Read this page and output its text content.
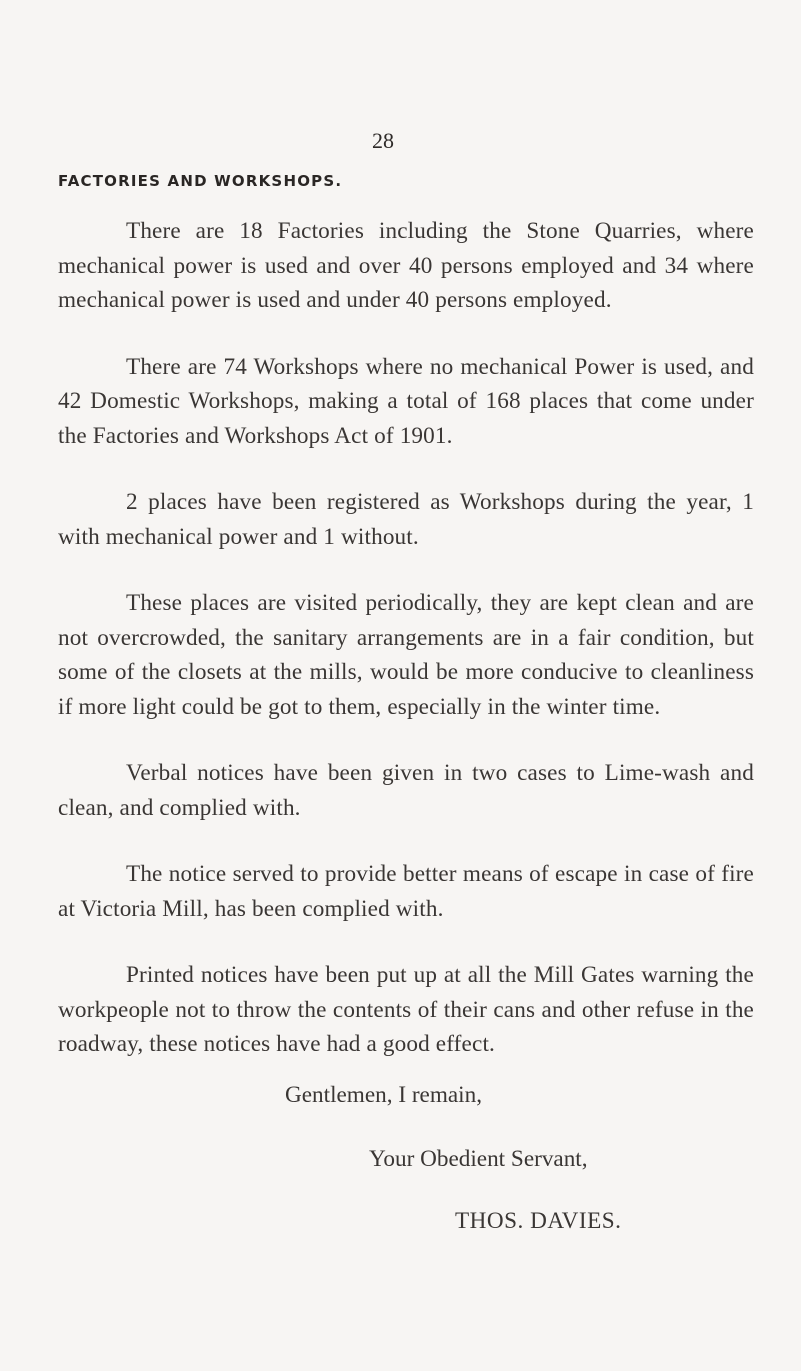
28
FACTORIES AND WORKSHOPS.

There are 18 Factories including the Stone Quarries, where mechanical power is used and over 40 persons employed and 34 where mechanical power is used and under 40 persons employed.

There are 74 Workshops where no mechanical Power is used, and 42 Domestic Workshops, making a total of 168 places that come under the Factories and Workshops Act of 1901.

2 places have been registered as Workshops during the year, 1 with mechanical power and 1 without.

These places are visited periodically, they are kept clean and are not overcrowded, the sanitary arrangements are in a fair condition, but some of the closets at the mills, would be more conducive to cleanliness if more light could be got to them, especially in the winter time.

Verbal notices have been given in two cases to Lime-wash and clean, and complied with.

The notice served to provide better means of escape in case of fire at Victoria Mill, has been complied with.

Printed notices have been put up at all the Mill Gates warning the workpeople not to throw the contents of their cans and other refuse in the roadway, these notices have had a good effect.

Gentlemen, I remain,
Your Obedient Servant,
THOS. DAVIES.
